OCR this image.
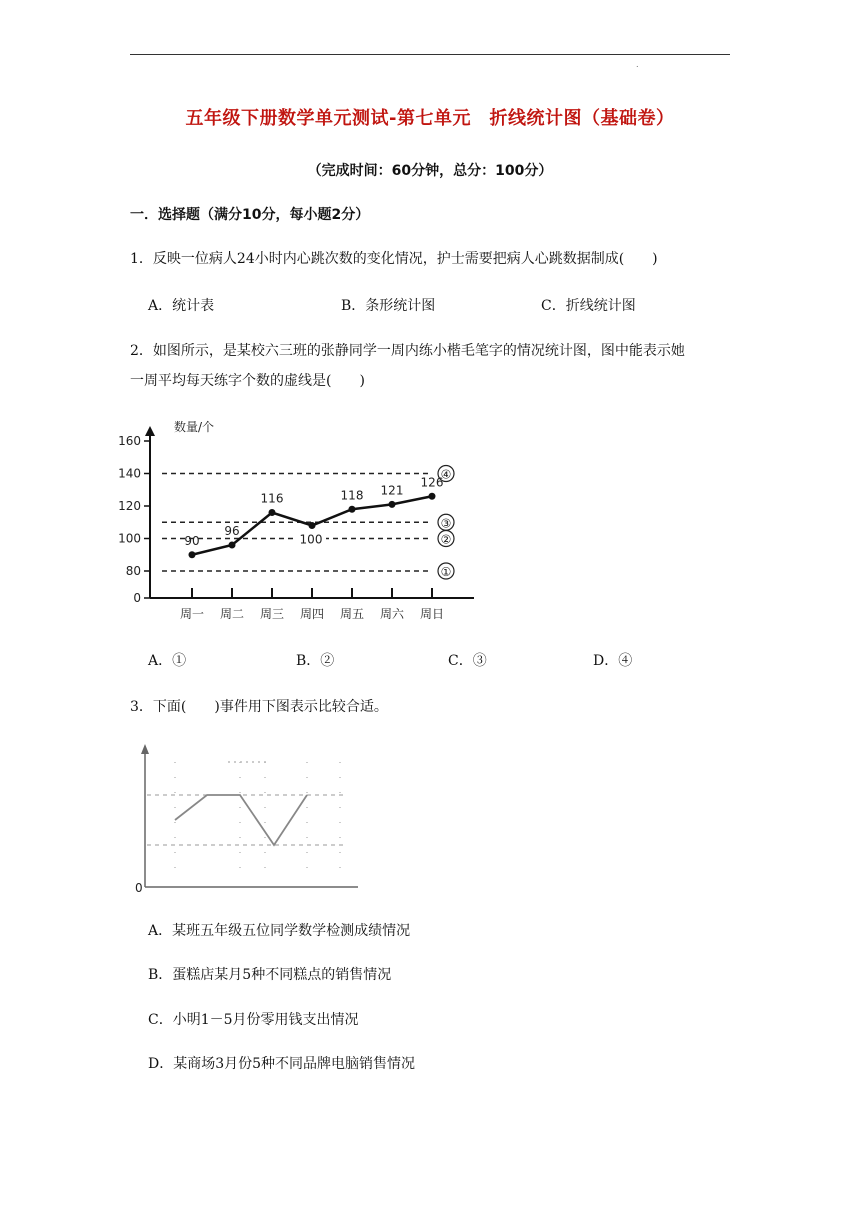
.
五年级下册数学单元测试-第七单元　折线统计图（基础卷）
（完成时间：60分钟，总分：100分）
一．选择题（满分10分，每小题2分）
1．反映一位病人24小时内心跳次数的变化情况，护士需要把病人心跳数据制成(　　)
A．统计表	B．条形统计图	C．折线统计图
2．如图所示，是某校六三班的张静同学一周内练小楷毛笔字的情况统计图，图中能表示她
一周平均每天练字个数的虚线是(　　)
数量/个
0
80
100
120
140
160
①
②
③
④
100
90
96
116	118 121
126
周一 周二 周三 周四 周五 周六 周日
A．①	B．②	C．③	D．④
3．下面(　　)事件用下图表示比较合适。
0
A．某班五年级五位同学数学检测成绩情况
B．蛋糕店某月5种不同糕点的销售情况
C．小明1－5月份零用钱支出情况
D．某商场3月份5种不同品牌电脑销售情况
